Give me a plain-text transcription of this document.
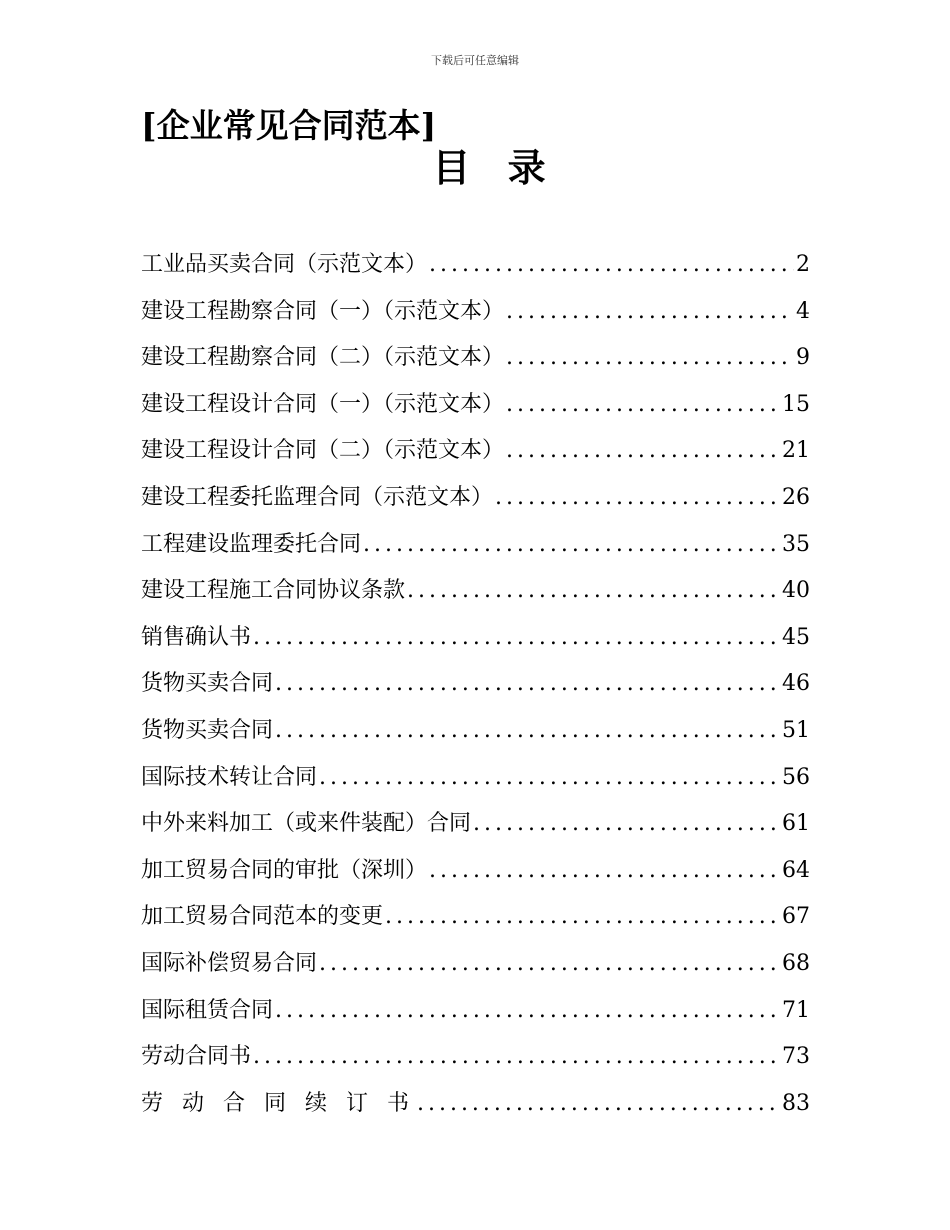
下载后可任意编辑
[企业常见合同范本]
目 录
工业品买卖合同（示范文本） .....	2
建设工程勘察合同（一）（示范文本） .....	4
建设工程勘察合同（二）（示范文本） .....	9
建设工程设计合同（一）（示范文本） .....	15
建设工程设计合同（二）（示范文本） .....	21
建设工程委托监理合同（示范文本） .....	26
工程建设监理委托合同 .....	35
建设工程施工合同协议条款 .....	40
销售确认书 .....	45
货物买卖合同 .....	46
货物买卖合同 .....	51
国际技术转让合同 .....	56
中外来料加工（或来件装配）合同 .....	61
加工贸易合同的审批（深圳） .....	64
加工贸易合同范本的变更 .....	67
国际补偿贸易合同 .....	68
国际租赁合同 .....	71
劳动合同书 .....	73
劳 动 合 同 续 订 书 .....	83
